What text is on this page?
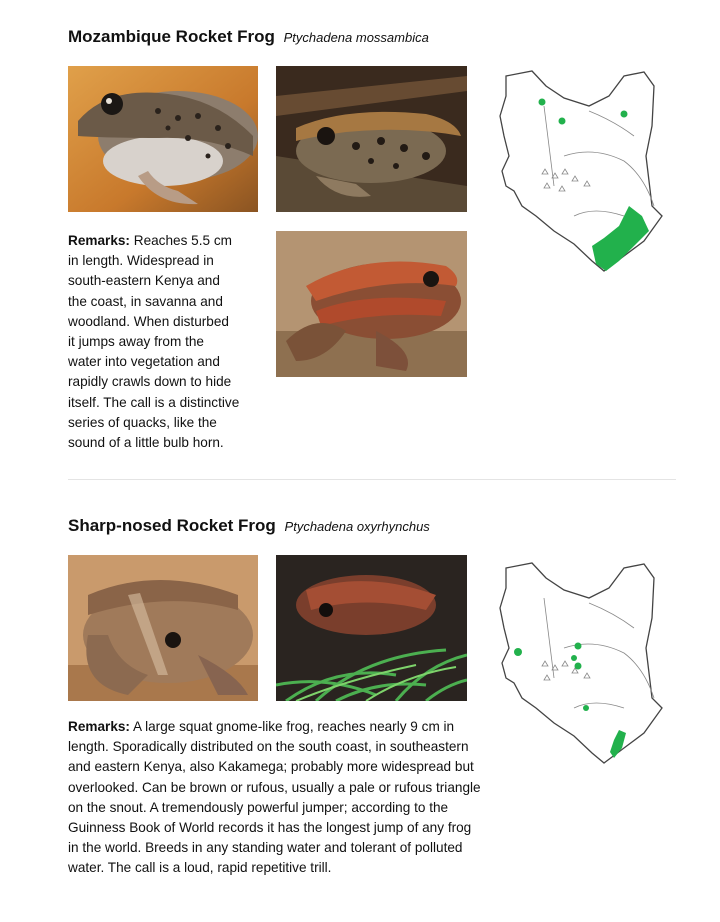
Mozambique Rocket Frog Ptychadena mossambica
Remarks: Reaches 5.5 cm
in length. Widespread in
south-eastern Kenya and
the coast, in savanna and
woodland. When disturbed
it jumps away from the
water into vegetation and
rapidly crawls down to hide
itself. The call is a distinctive
series of quacks, like the
sound of a little bulb horn.
Sharp-nosed Rocket Frog Ptychadena oxyrhynchus
Remarks: A large squat gnome-like frog, reaches nearly 9 cm in
length. Sporadically distributed on the south coast, in southeastern
and eastern Kenya, also Kakamega; probably more widespread but
overlooked. Can be brown or rufous, usually a pale or rufous triangle
on the snout. A tremendously powerful jumper; according to the
Guinness Book of World records it has the longest jump of any frog
in the world. Breeds in any standing water and tolerant of polluted
water. The call is a loud, rapid repetitive trill.
